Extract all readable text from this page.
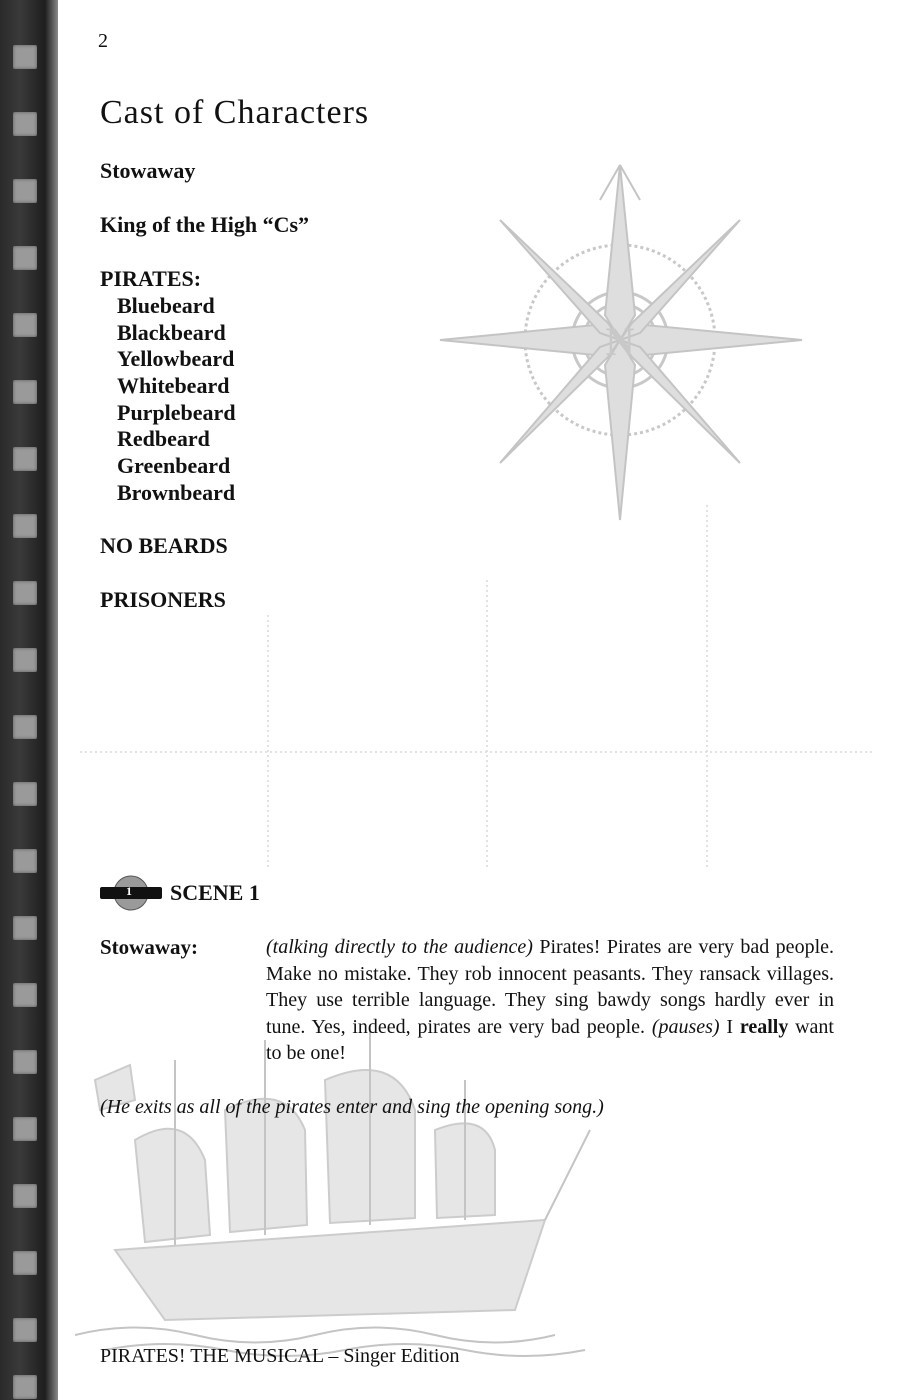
N
2
Cast of Characters
Stowaway
King of the High “Cs”
PIRATES:
Bluebeard
Blackbeard
Yellowbeard
Whitebeard
Purplebeard
Redbeard
Greenbeard
Brownbeard
NO BEARDS
PRISONERS
1 SCENE 1
Stowaway:	(talking directly to the audience) Pirates! Pirates are very bad people. Make no mistake. They rob innocent peasants. They ransack villages. They use terrible language. They sing bawdy songs hardly ever in tune. Yes, indeed, pirates are very bad people. (pauses) I really want to be one!
(He exits as all of the pirates enter and sing the opening song.)
PIRATES! THE MUSICAL – Singer Edition
